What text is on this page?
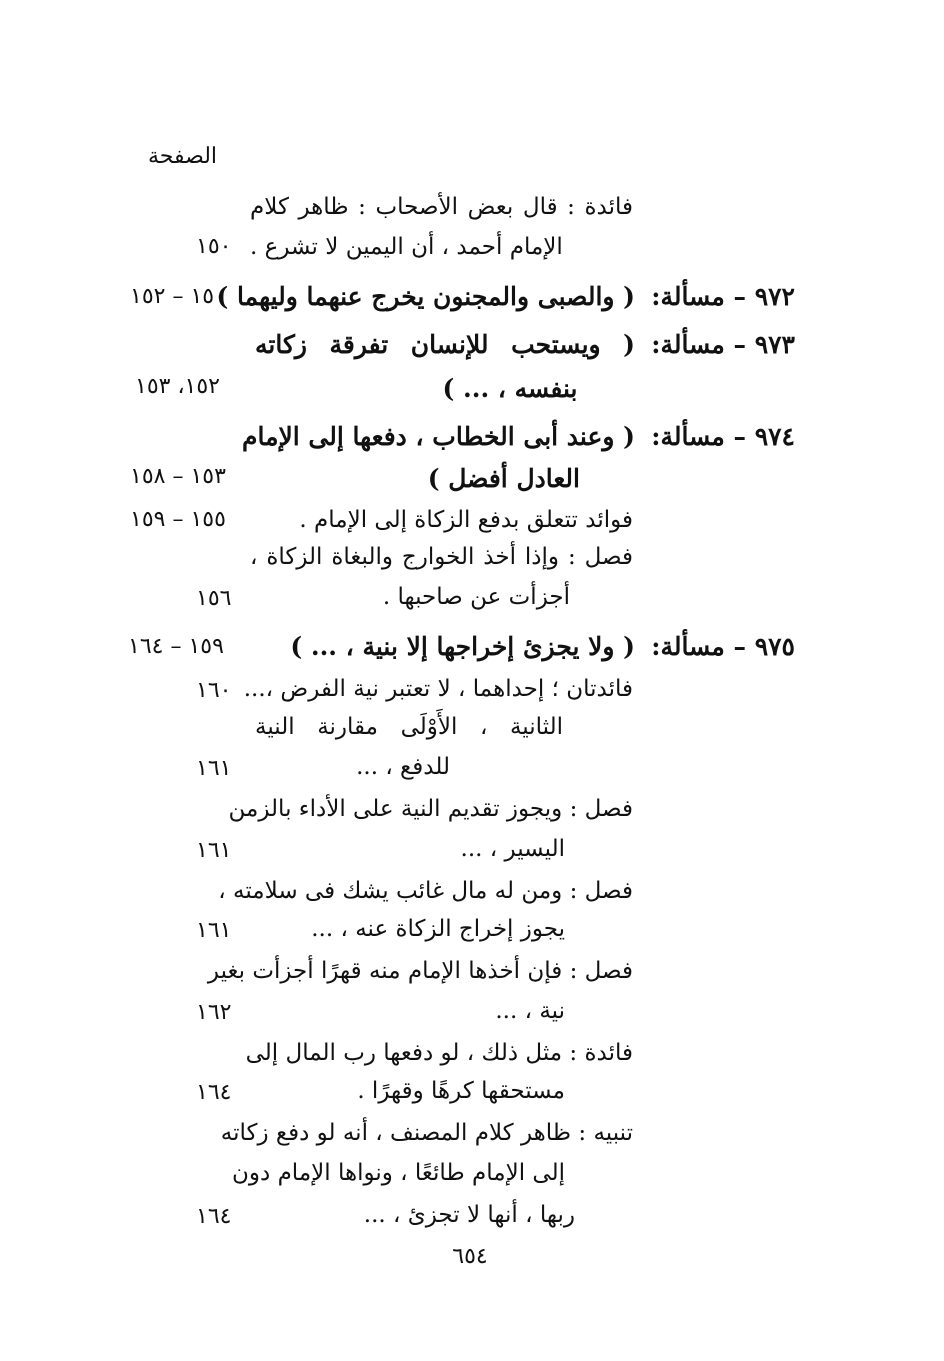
الصفحة
فائدة : قال بعض الأصحاب : ظاهر كلام
الإمام أحمد ، أن اليمين لا تشرع .
١٥٠
٩٧٢ – مسألة:
( والصبى والمجنون يخرج عنهما وليهما )
١٥٠ – ١٥٢
٩٧٣ – مسألة:
( ويستحب للإنسان تفرقة زكاته
بنفسه ، ... )
١٥٢، ١٥٣
٩٧٤ – مسألة:
( وعند أبى الخطاب ، دفعها إلى الإمام
العادل أفضل )
١٥٣ – ١٥٨
فوائد تتعلق بدفع الزكاة إلى الإمام .
١٥٥ – ١٥٩
فصل : وإذا أخذ الخوارج والبغاة الزكاة ،
أجزأت عن صاحبها .
١٥٦
٩٧٥ – مسألة:
( ولا يجزئ إخراجها إلا بنية ، ... )
١٥٩ – ١٦٤
فائدتان ؛ إحداهما ، لا تعتبر نية الفرض ،...
١٦٠
الثانية ، الأَوْلَى مقارنة النية
للدفع ، ...
١٦١
فصل : ويجوز تقديم النية على الأداء بالزمن
اليسير ، ...
١٦١
فصل : ومن له مال غائب يشك فى سلامته ،
يجوز إخراج الزكاة عنه ، ...
١٦١
فصل : فإن أخذها الإمام منه قهرًا أجزأت بغير
نية ، ...
١٦٢
فائدة : مثل ذلك ، لو دفعها رب المال إلى
مستحقها كرهًا وقهرًا .
١٦٤
تنبيه : ظاهر كلام المصنف ، أنه لو دفع زكاته
إلى الإمام طائعًا ، ونواها الإمام دون
ربها ، أنها لا تجزئ ، ...
١٦٤
٦٥٤
